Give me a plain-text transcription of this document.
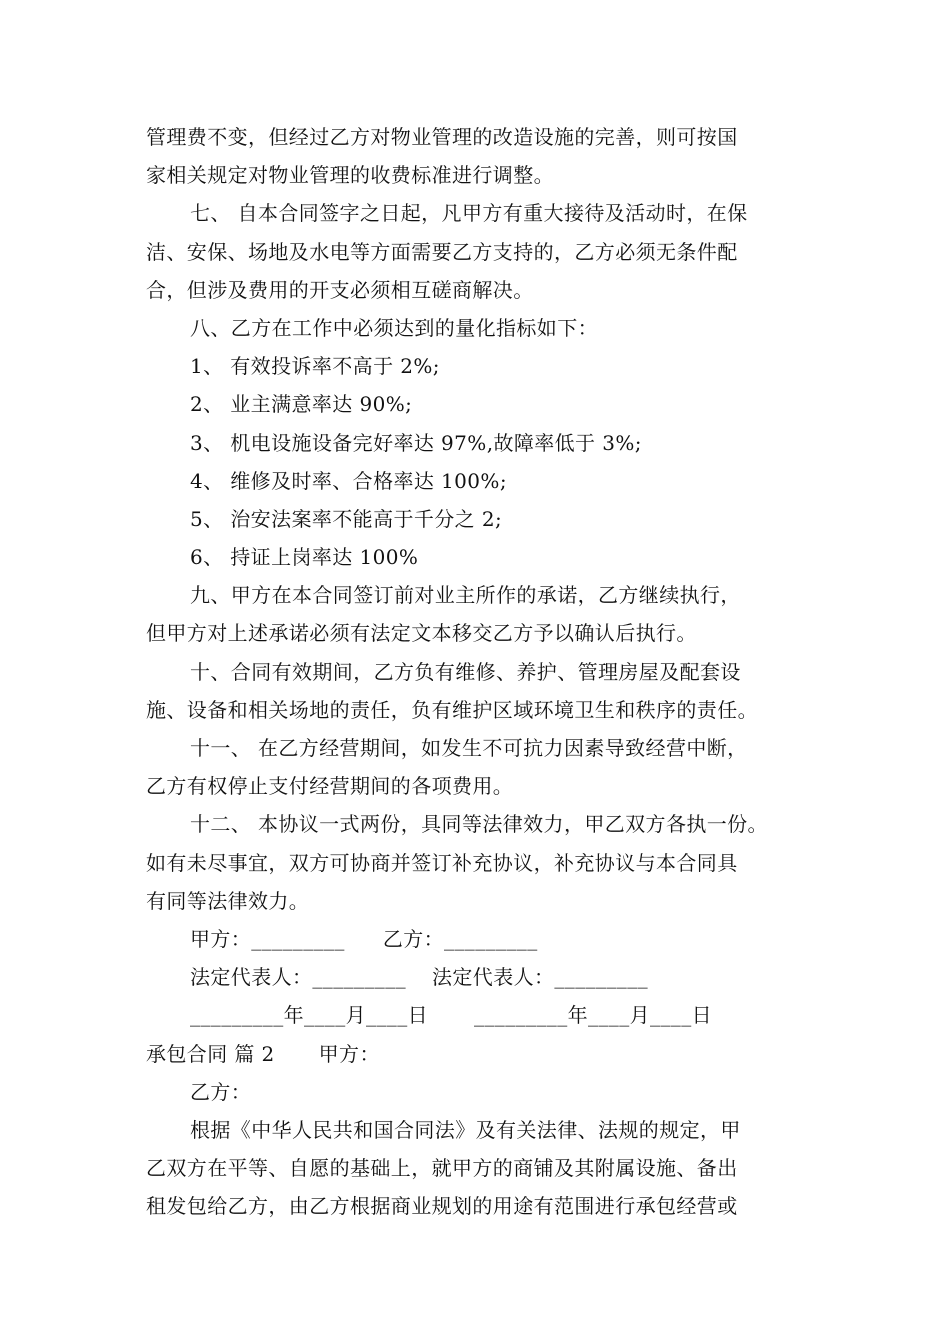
管理费不变，但经过乙方对物业管理的改造设施的完善，则可按国
家相关规定对物业管理的收费标准进行调整。
七、 自本合同签字之日起，凡甲方有重大接待及活动时，在保
洁、安保、场地及水电等方面需要乙方支持的，乙方必须无条件配
合，但涉及费用的开支必须相互磋商解决。
八、乙方在工作中必须达到的量化指标如下：
1、 有效投诉率不高于 2%;
2、 业主满意率达 90%;
3、 机电设施设备完好率达 97%,故障率低于 3%;
4、 维修及时率、合格率达 100%;
5、 治安法案率不能高于千分之 2;
6、 持证上岗率达 100%
九、甲方在本合同签订前对业主所作的承诺，乙方继续执行，
但甲方对上述承诺必须有法定文本移交乙方予以确认后执行。
十、合同有效期间，乙方负有维修、养护、管理房屋及配套设
施、设备和相关场地的责任，负有维护区域环境卫生和秩序的责任。
十一、 在乙方经营期间，如发生不可抗力因素导致经营中断，
乙方有权停止支付经营期间的各项费用。
十二、 本协议一式两份，具同等法律效力，甲乙双方各执一份。
如有未尽事宜，双方可协商并签订补充协议，补充协议与本合同具
有同等法律效力。
甲方：_________ 乙方：_________
法定代表人：_________ 法定代表人：_________
_________年____月____日 _________年____月____日
承包合同 篇 2 甲方：
乙方：
根据《中华人民共和国合同法》及有关法律、法规的规定，甲
乙双方在平等、自愿的基础上，就甲方的商铺及其附属设施、备出
租发包给乙方，由乙方根据商业规划的用途有范围进行承包经营或
